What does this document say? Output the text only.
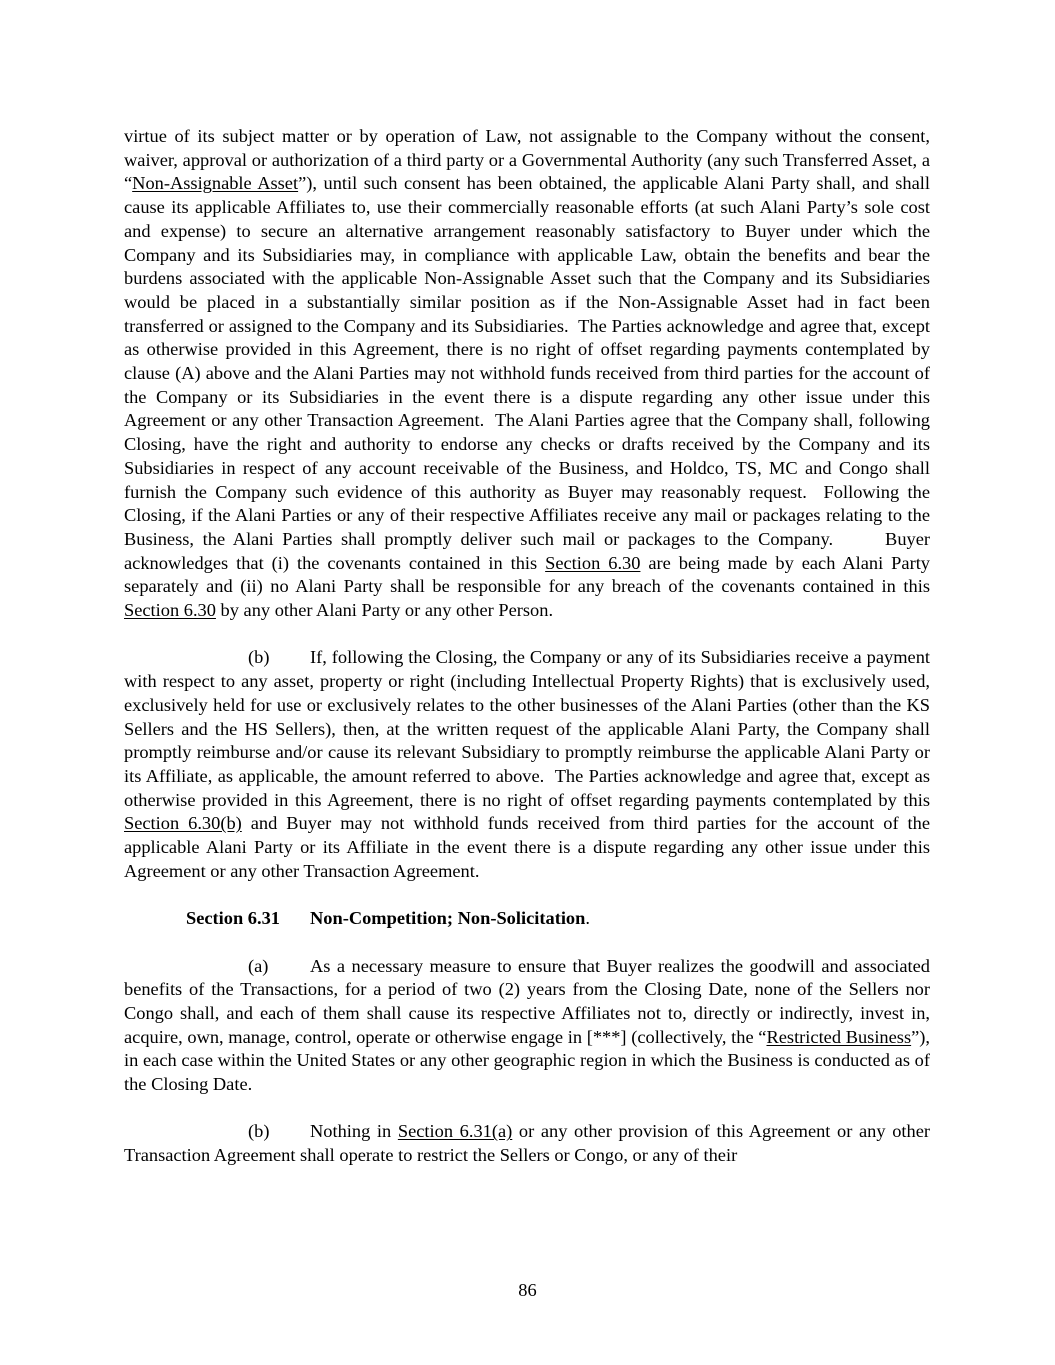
virtue of its subject matter or by operation of Law, not assignable to the Company without the consent, waiver, approval or authorization of a third party or a Governmental Authority (any such Transferred Asset, a “Non-Assignable Asset”), until such consent has been obtained, the applicable Alani Party shall, and shall cause its applicable Affiliates to, use their commercially reasonable efforts (at such Alani Party’s sole cost and expense) to secure an alternative arrangement reasonably satisfactory to Buyer under which the Company and its Subsidiaries may, in compliance with applicable Law, obtain the benefits and bear the burdens associated with the applicable Non-Assignable Asset such that the Company and its Subsidiaries would be placed in a substantially similar position as if the Non-Assignable Asset had in fact been transferred or assigned to the Company and its Subsidiaries.  The Parties acknowledge and agree that, except as otherwise provided in this Agreement, there is no right of offset regarding payments contemplated by clause (A) above and the Alani Parties may not withhold funds received from third parties for the account of the Company or its Subsidiaries in the event there is a dispute regarding any other issue under this Agreement or any other Transaction Agreement.  The Alani Parties agree that the Company shall, following Closing, have the right and authority to endorse any checks or drafts received by the Company and its Subsidiaries in respect of any account receivable of the Business, and Holdco, TS, MC and Congo shall furnish the Company such evidence of this authority as Buyer may reasonably request.  Following the Closing, if the Alani Parties or any of their respective Affiliates receive any mail or packages relating to the Business, the Alani Parties shall promptly deliver such mail or packages to the Company.      Buyer acknowledges that (i) the covenants contained in this Section 6.30 are being made by each Alani Party separately and (ii) no Alani Party shall be responsible for any breach of the covenants contained in this Section 6.30 by any other Alani Party or any other Person.

(b) If, following the Closing, the Company or any of its Subsidiaries receive a payment with respect to any asset, property or right (including Intellectual Property Rights) that is exclusively used, exclusively held for use or exclusively relates to the other businesses of the Alani Parties (other than the KS Sellers and the HS Sellers), then, at the written request of the applicable Alani Party, the Company shall promptly reimburse and/or cause its relevant Subsidiary to promptly reimburse the applicable Alani Party or its Affiliate, as applicable, the amount referred to above.  The Parties acknowledge and agree that, except as otherwise provided in this Agreement, there is no right of offset regarding payments contemplated by this Section 6.30(b) and Buyer may not withhold funds received from third parties for the account of the applicable Alani Party or its Affiliate in the event there is a dispute regarding any other issue under this Agreement or any other Transaction Agreement.

Section 6.31 Non-Competition; Non-Solicitation.

(a) As a necessary measure to ensure that Buyer realizes the goodwill and associated benefits of the Transactions, for a period of two (2) years from the Closing Date, none of the Sellers nor Congo shall, and each of them shall cause its respective Affiliates not to, directly or indirectly, invest in, acquire, own, manage, control, operate or otherwise engage in [***] (collectively, the “Restricted Business”), in each case within the United States or any other geographic region in which the Business is conducted as of the Closing Date.

(b) Nothing in Section 6.31(a) or any other provision of this Agreement or any other Transaction Agreement shall operate to restrict the Sellers or Congo, or any of their

86
